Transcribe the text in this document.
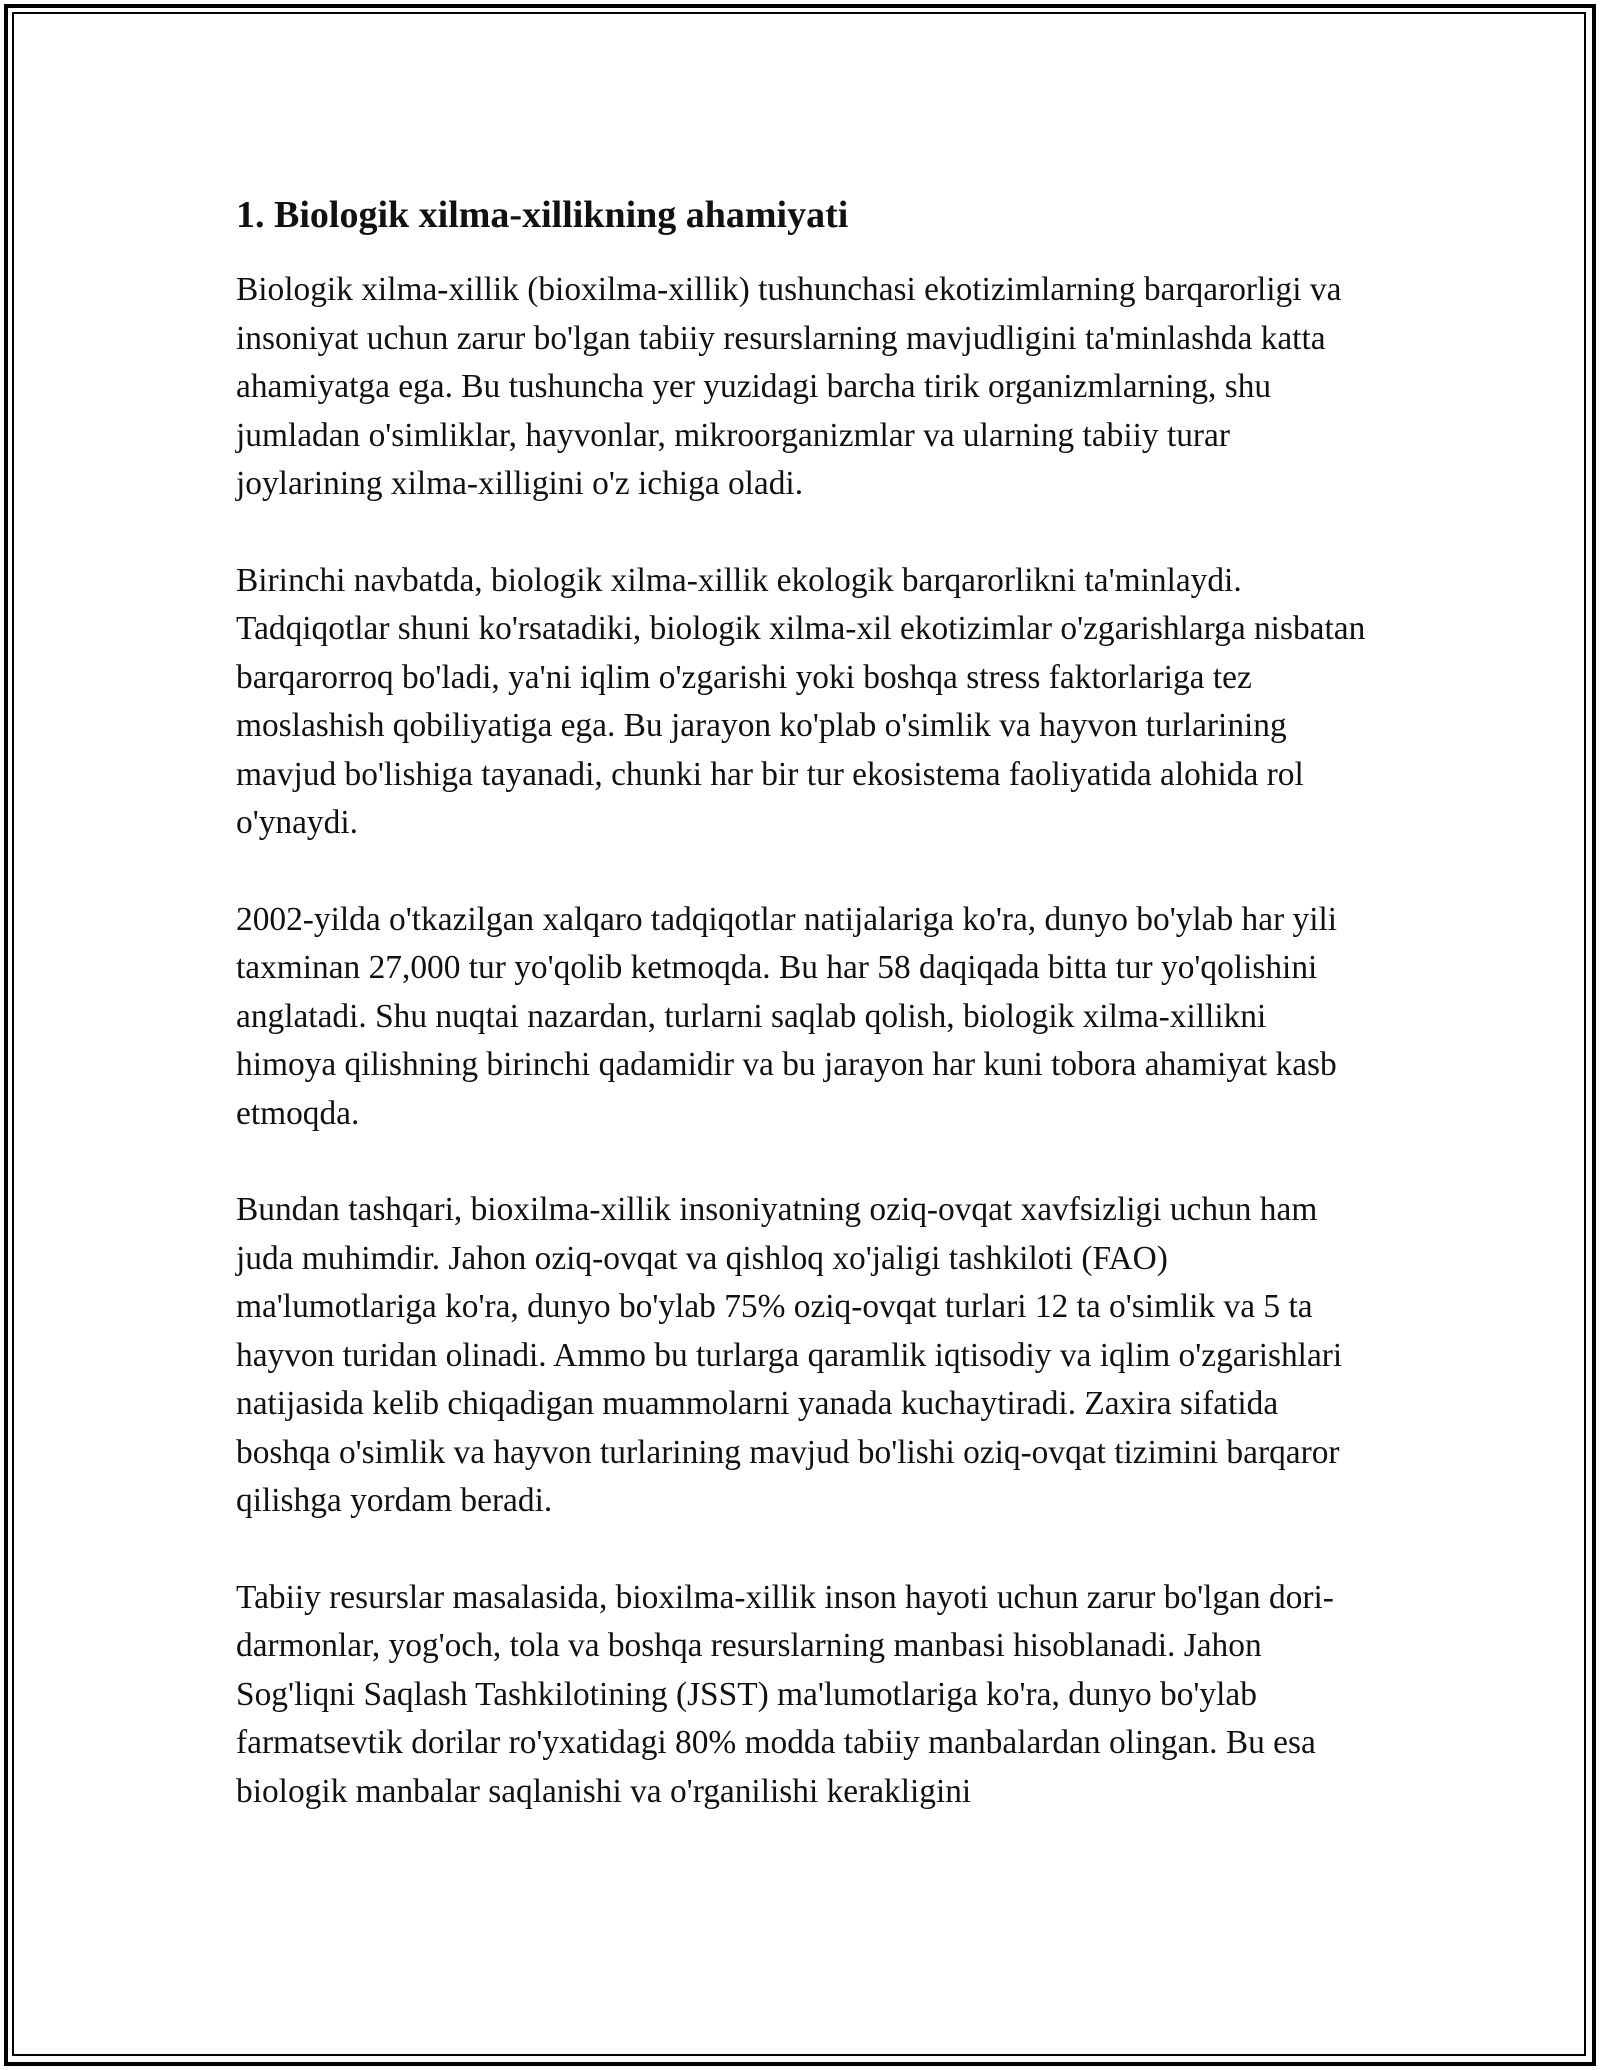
1. Biologik xilma-xillikning ahamiyati

Biologik xilma-xillik (bioxilma-xillik) tushunchasi ekotizimlarning barqarorligi va insoniyat uchun zarur bo'lgan tabiiy resurslarning mavjudligini ta'minlashda katta ahamiyatga ega. Bu tushuncha yer yuzidagi barcha tirik organizmlarning, shu jumladan o'simliklar, hayvonlar, mikroorganizmlar va ularning tabiiy turar joylarining xilma-xilligini o'z ichiga oladi.

Birinchi navbatda, biologik xilma-xillik ekologik barqarorlikni ta'minlaydi. Tadqiqotlar shuni ko'rsatadiki, biologik xilma-xil ekotizimlar o'zgarishlarga nisbatan barqarorroq bo'ladi, ya'ni iqlim o'zgarishi yoki boshqa stress faktorlariga tez moslashish qobiliyatiga ega. Bu jarayon ko'plab o'simlik va hayvon turlarining mavjud bo'lishiga tayanadi, chunki har bir tur ekosistema faoliyatida alohida rol o'ynaydi.

2002-yilda o'tkazilgan xalqaro tadqiqotlar natijalariga ko'ra, dunyo bo'ylab har yili taxminan 27,000 tur yo'qolib ketmoqda. Bu har 58 daqiqada bitta tur yo'qolishini anglatadi. Shu nuqtai nazardan, turlarni saqlab qolish, biologik xilma-xillikni himoya qilishning birinchi qadamidir va bu jarayon har kuni tobora ahamiyat kasb etmoqda.

Bundan tashqari, bioxilma-xillik insoniyatning oziq-ovqat xavfsizligi uchun ham juda muhimdir. Jahon oziq-ovqat va qishloq xo'jaligi tashkiloti (FAO) ma'lumotlariga ko'ra, dunyo bo'ylab 75% oziq-ovqat turlari 12 ta o'simlik va 5 ta hayvon turidan olinadi. Ammo bu turlarga qaramlik iqtisodiy va iqlim o'zgarishlari natijasida kelib chiqadigan muammolarni yanada kuchaytiradi. Zaxira sifatida boshqa o'simlik va hayvon turlarining mavjud bo'lishi oziq-ovqat tizimini barqaror qilishga yordam beradi.

Tabiiy resurslar masalasida, bioxilma-xillik inson hayoti uchun zarur bo'lgan dori-darmonlar, yog'och, tola va boshqa resurslarning manbasi hisoblanadi. Jahon Sog'liqni Saqlash Tashkilotining (JSST) ma'lumotlariga ko'ra, dunyo bo'ylab farmatsevtik dorilar ro'yxatidagi 80% modda tabiiy manbalardan olingan. Bu esa biologik manbalar saqlanishi va o'rganilishi kerakligini
